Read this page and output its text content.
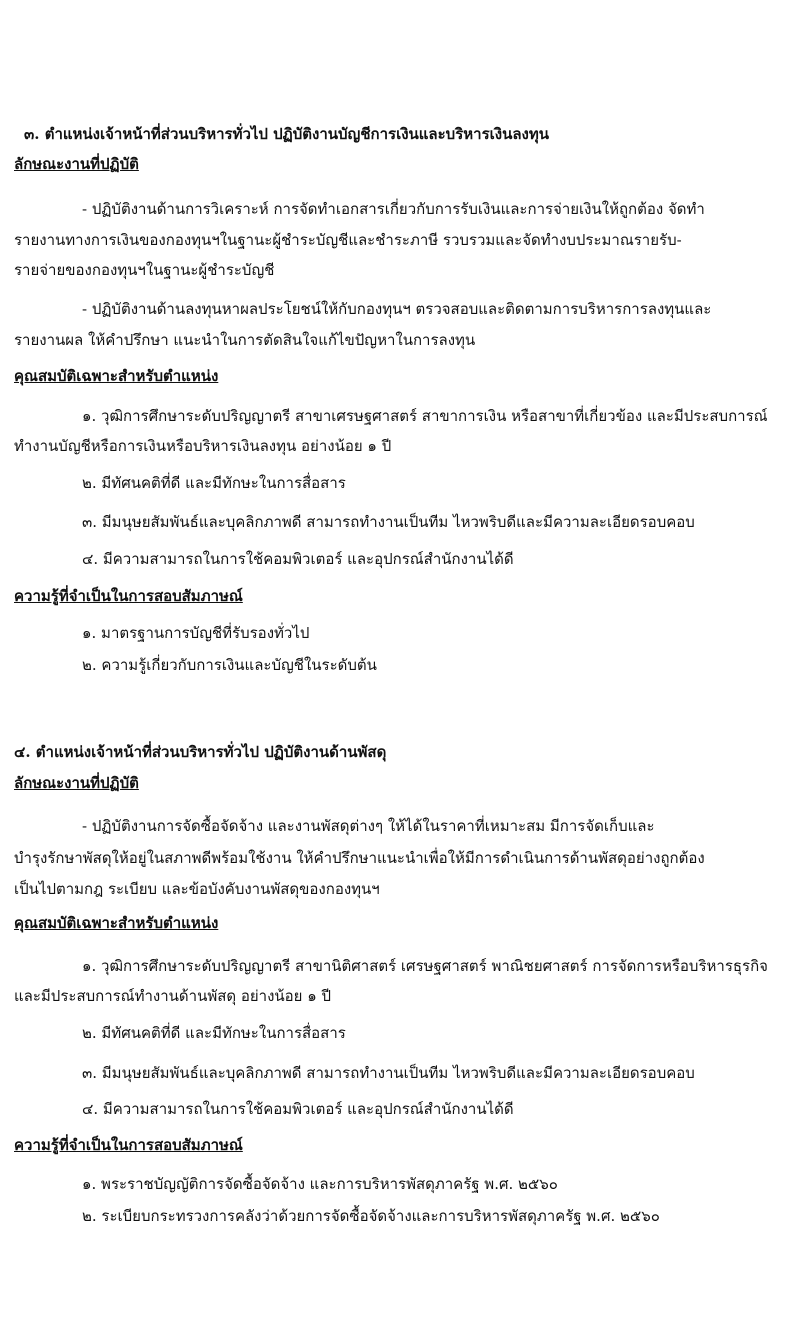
๓. ตำแหน่งเจ้าหน้าที่ส่วนบริหารทั่วไป ปฏิบัติงานบัญชีการเงินและบริหารเงินลงทุน
ลักษณะงานที่ปฏิบัติ
- ปฏิบัติงานด้านการวิเคราะห์ การจัดทำเอกสารเกี่ยวกับการรับเงินและการจ่ายเงินให้ถูกต้อง จัดทำ
รายงานทางการเงินของกองทุนฯในฐานะผู้ชำระบัญชีและชำระภาษี รวบรวมและจัดทำงบประมาณรายรับ-
รายจ่ายของกองทุนฯในฐานะผู้ชำระบัญชี
- ปฏิบัติงานด้านลงทุนหาผลประโยชน์ให้กับกองทุนฯ ตรวจสอบและติดตามการบริหารการลงทุนและ
รายงานผล ให้คำปรึกษา แนะนำในการตัดสินใจแก้ไขปัญหาในการลงทุน
คุณสมบัติเฉพาะสำหรับตำแหน่ง
๑. วุฒิการศึกษาระดับปริญญาตรี สาขาเศรษฐศาสตร์ สาขาการเงิน หรือสาขาที่เกี่ยวข้อง และมีประสบการณ์
ทำงานบัญชีหรือการเงินหรือบริหารเงินลงทุน อย่างน้อย ๑ ปี
๒. มีทัศนคติที่ดี และมีทักษะในการสื่อสาร
๓. มีมนุษยสัมพันธ์และบุคลิกภาพดี สามารถทำงานเป็นทีม ไหวพริบดีและมีความละเอียดรอบคอบ
๔. มีความสามารถในการใช้คอมพิวเตอร์ และอุปกรณ์สำนักงานได้ดี
ความรู้ที่จำเป็นในการสอบสัมภาษณ์
๑. มาตรฐานการบัญชีที่รับรองทั่วไป
๒. ความรู้เกี่ยวกับการเงินและบัญชีในระดับต้น
๔. ตำแหน่งเจ้าหน้าที่ส่วนบริหารทั่วไป ปฏิบัติงานด้านพัสดุ
ลักษณะงานที่ปฏิบัติ
- ปฏิบัติงานการจัดซื้อจัดจ้าง และงานพัสดุต่างๆ ให้ได้ในราคาที่เหมาะสม มีการจัดเก็บและ
บำรุงรักษาพัสดุให้อยู่ในสภาพดีพร้อมใช้งาน ให้คำปรึกษาแนะนำเพื่อให้มีการดำเนินการด้านพัสดุอย่างถูกต้อง
เป็นไปตามกฎ ระเบียบ และข้อบังคับงานพัสดุของกองทุนฯ
คุณสมบัติเฉพาะสำหรับตำแหน่ง
๑. วุฒิการศึกษาระดับปริญญาตรี สาขานิติศาสตร์ เศรษฐศาสตร์ พาณิชยศาสตร์ การจัดการหรือบริหารธุรกิจ
และมีประสบการณ์ทำงานด้านพัสดุ อย่างน้อย ๑ ปี
๒. มีทัศนคติที่ดี และมีทักษะในการสื่อสาร
๓. มีมนุษยสัมพันธ์และบุคลิกภาพดี สามารถทำงานเป็นทีม ไหวพริบดีและมีความละเอียดรอบคอบ
๔. มีความสามารถในการใช้คอมพิวเตอร์ และอุปกรณ์สำนักงานได้ดี
ความรู้ที่จำเป็นในการสอบสัมภาษณ์
๑. พระราชบัญญัติการจัดซื้อจัดจ้าง และการบริหารพัสดุภาครัฐ พ.ศ. ๒๕๖๐
๒. ระเบียบกระทรวงการคลังว่าด้วยการจัดซื้อจัดจ้างและการบริหารพัสดุภาครัฐ พ.ศ. ๒๕๖๐
